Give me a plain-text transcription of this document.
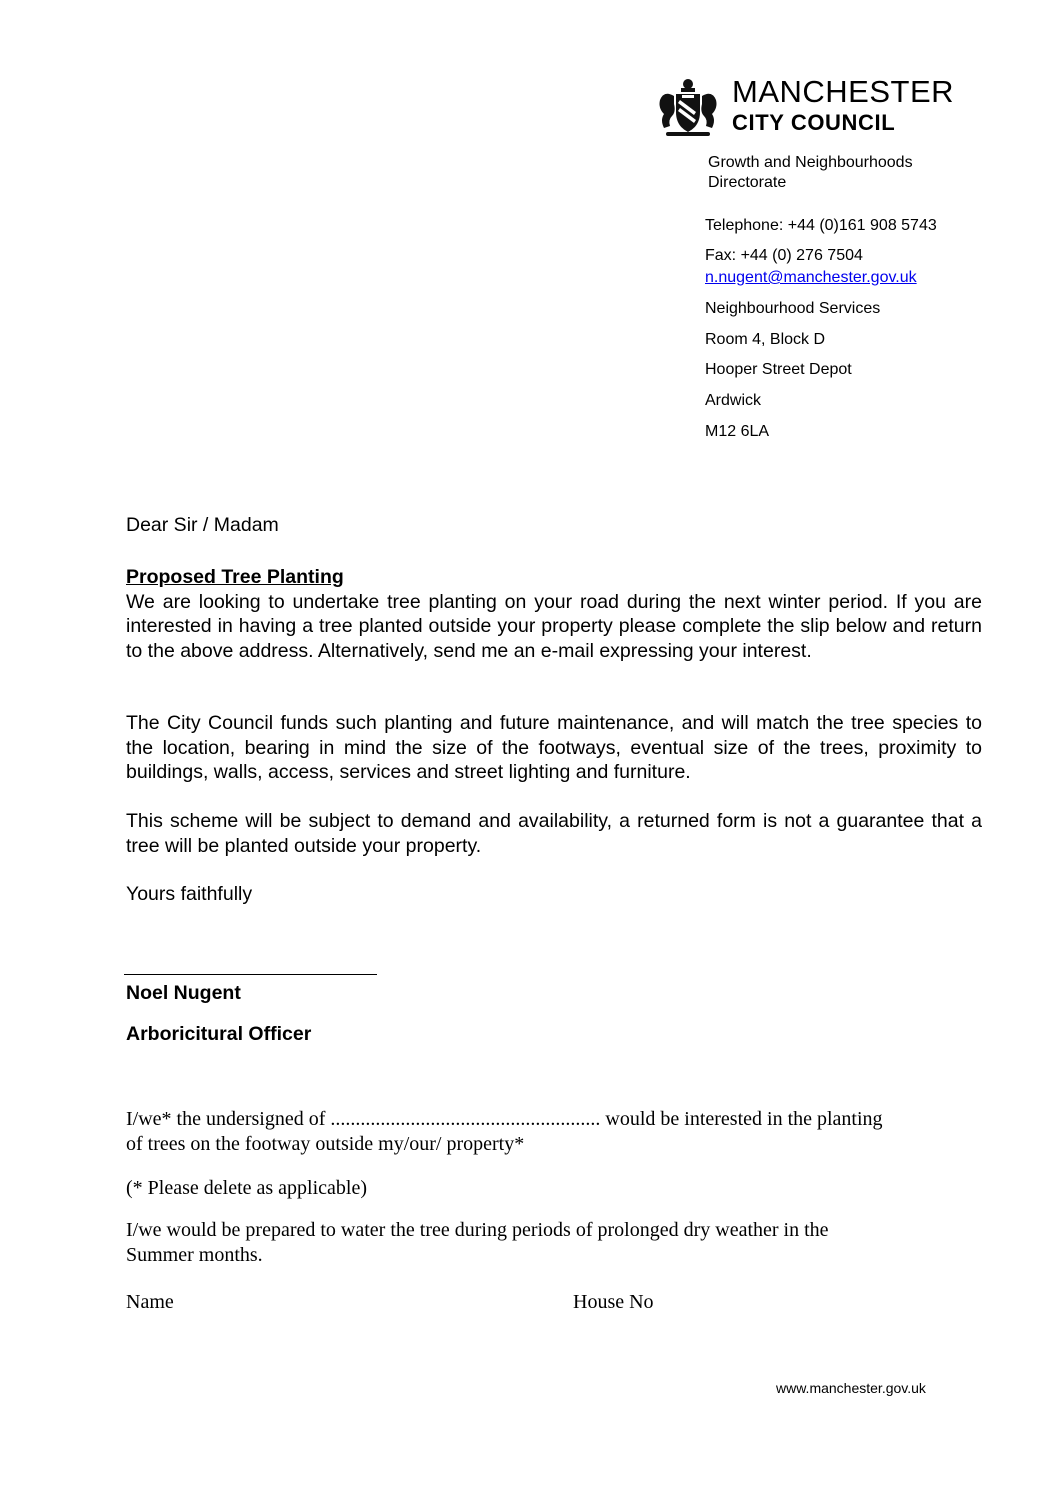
MANCHESTER
CITY COUNCIL
Growth and Neighbourhoods
Directorate
Telephone: +44 (0)161 908 5743
Fax: +44 (0) 276 7504
n.nugent@manchester.gov.uk
Neighbourhood Services
Room 4, Block D
Hooper Street Depot
Ardwick
M12 6LA
Dear Sir / Madam

Proposed Tree Planting

We are looking to undertake tree planting on your road during the next winter period. If you are interested in having a tree planted outside your property please complete the slip below and return to the above address. Alternatively, send me an e-mail expressing your interest.

The City Council funds such planting and future maintenance, and will match the tree species to the location, bearing in mind the size of the footways, eventual size of the trees, proximity to buildings, walls, access, services and street lighting and furniture.
This scheme will be subject to demand and availability, a returned form is not a guarantee that a tree will be planted outside your property.
Yours faithfully
Noel Nugent
Arboricitural Officer
I/we* the undersigned of ...................................................... would be interested in the planting
of trees on the footway outside my/our/ property*
(* Please delete as applicable)
I/we would be prepared to water the tree during periods of prolonged dry weather in the
Summer months.
Name	House No
www.manchester.gov.uk
